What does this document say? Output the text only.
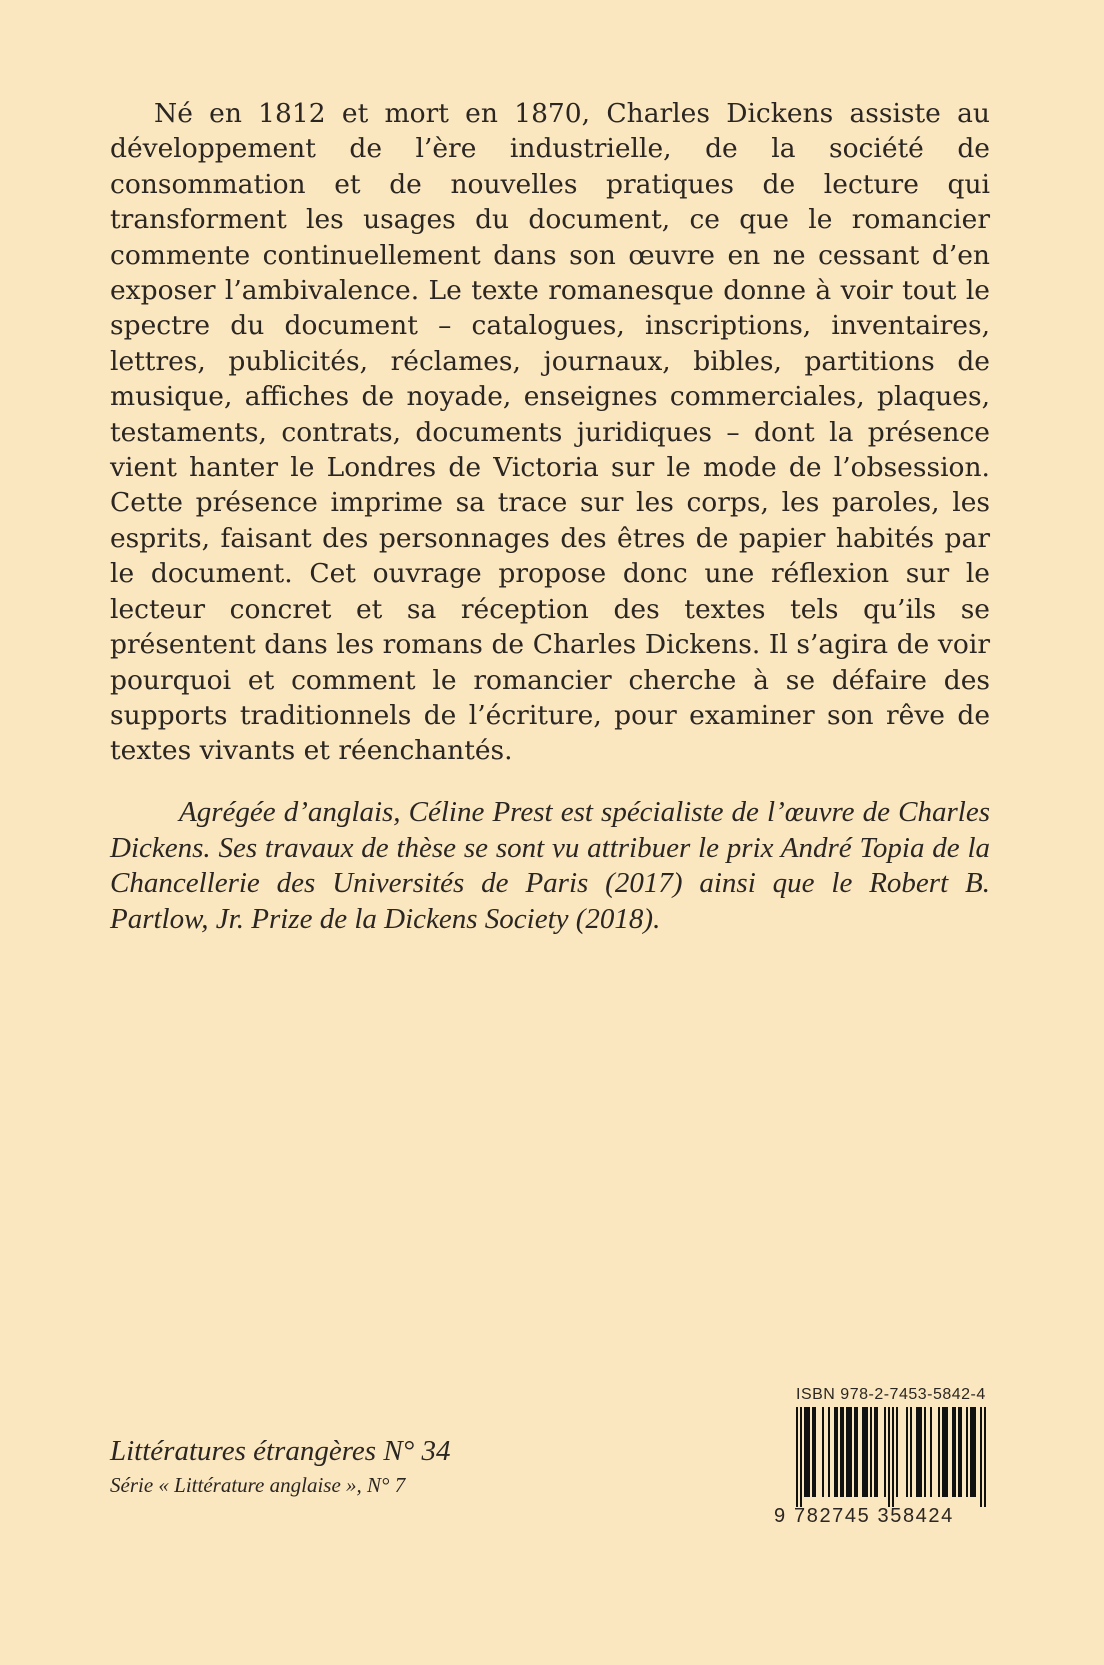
Né en 1812 et mort en 1870, Charles Dickens assiste au développement de l’ère industrielle, de la société de consommation et de nouvelles pratiques de lecture qui transforment les usages du document, ce que le romancier commente continuellement dans son œuvre en ne cessant d’en exposer l’ambivalence. Le texte romanesque donne à voir tout le spectre du document – catalogues, inscriptions, inventaires, lettres, publicités, réclames, journaux, bibles, partitions de musique, affiches de noyade, enseignes commerciales, plaques, testaments, contrats, documents juridiques – dont la présence vient hanter le Londres de Victoria sur le mode de l’obsession. Cette présence imprime sa trace sur les corps, les paroles, les esprits, faisant des personnages des êtres de papier habités par le document. Cet ouvrage propose donc une réflexion sur le lecteur concret et sa réception des textes tels qu’ils se présentent dans les romans de Charles Dickens. Il s’agira de voir pourquoi et comment le romancier cherche à se défaire des supports traditionnels de l’écriture, pour examiner son rêve de textes vivants et réenchantés.

Agrégée d’anglais, Céline Prest est spécialiste de l’œuvre de Charles Dickens. Ses travaux de thèse se sont vu attribuer le prix André Topia de la Chancellerie des Universités de Paris (2017) ainsi que le Robert B. Partlow, Jr. Prize de la Dickens Society (2018).

Littératures étrangères N° 34
Série « Littérature anglaise », N° 7
ISBN 978-2-7453-5842-4
9 782745 358424
